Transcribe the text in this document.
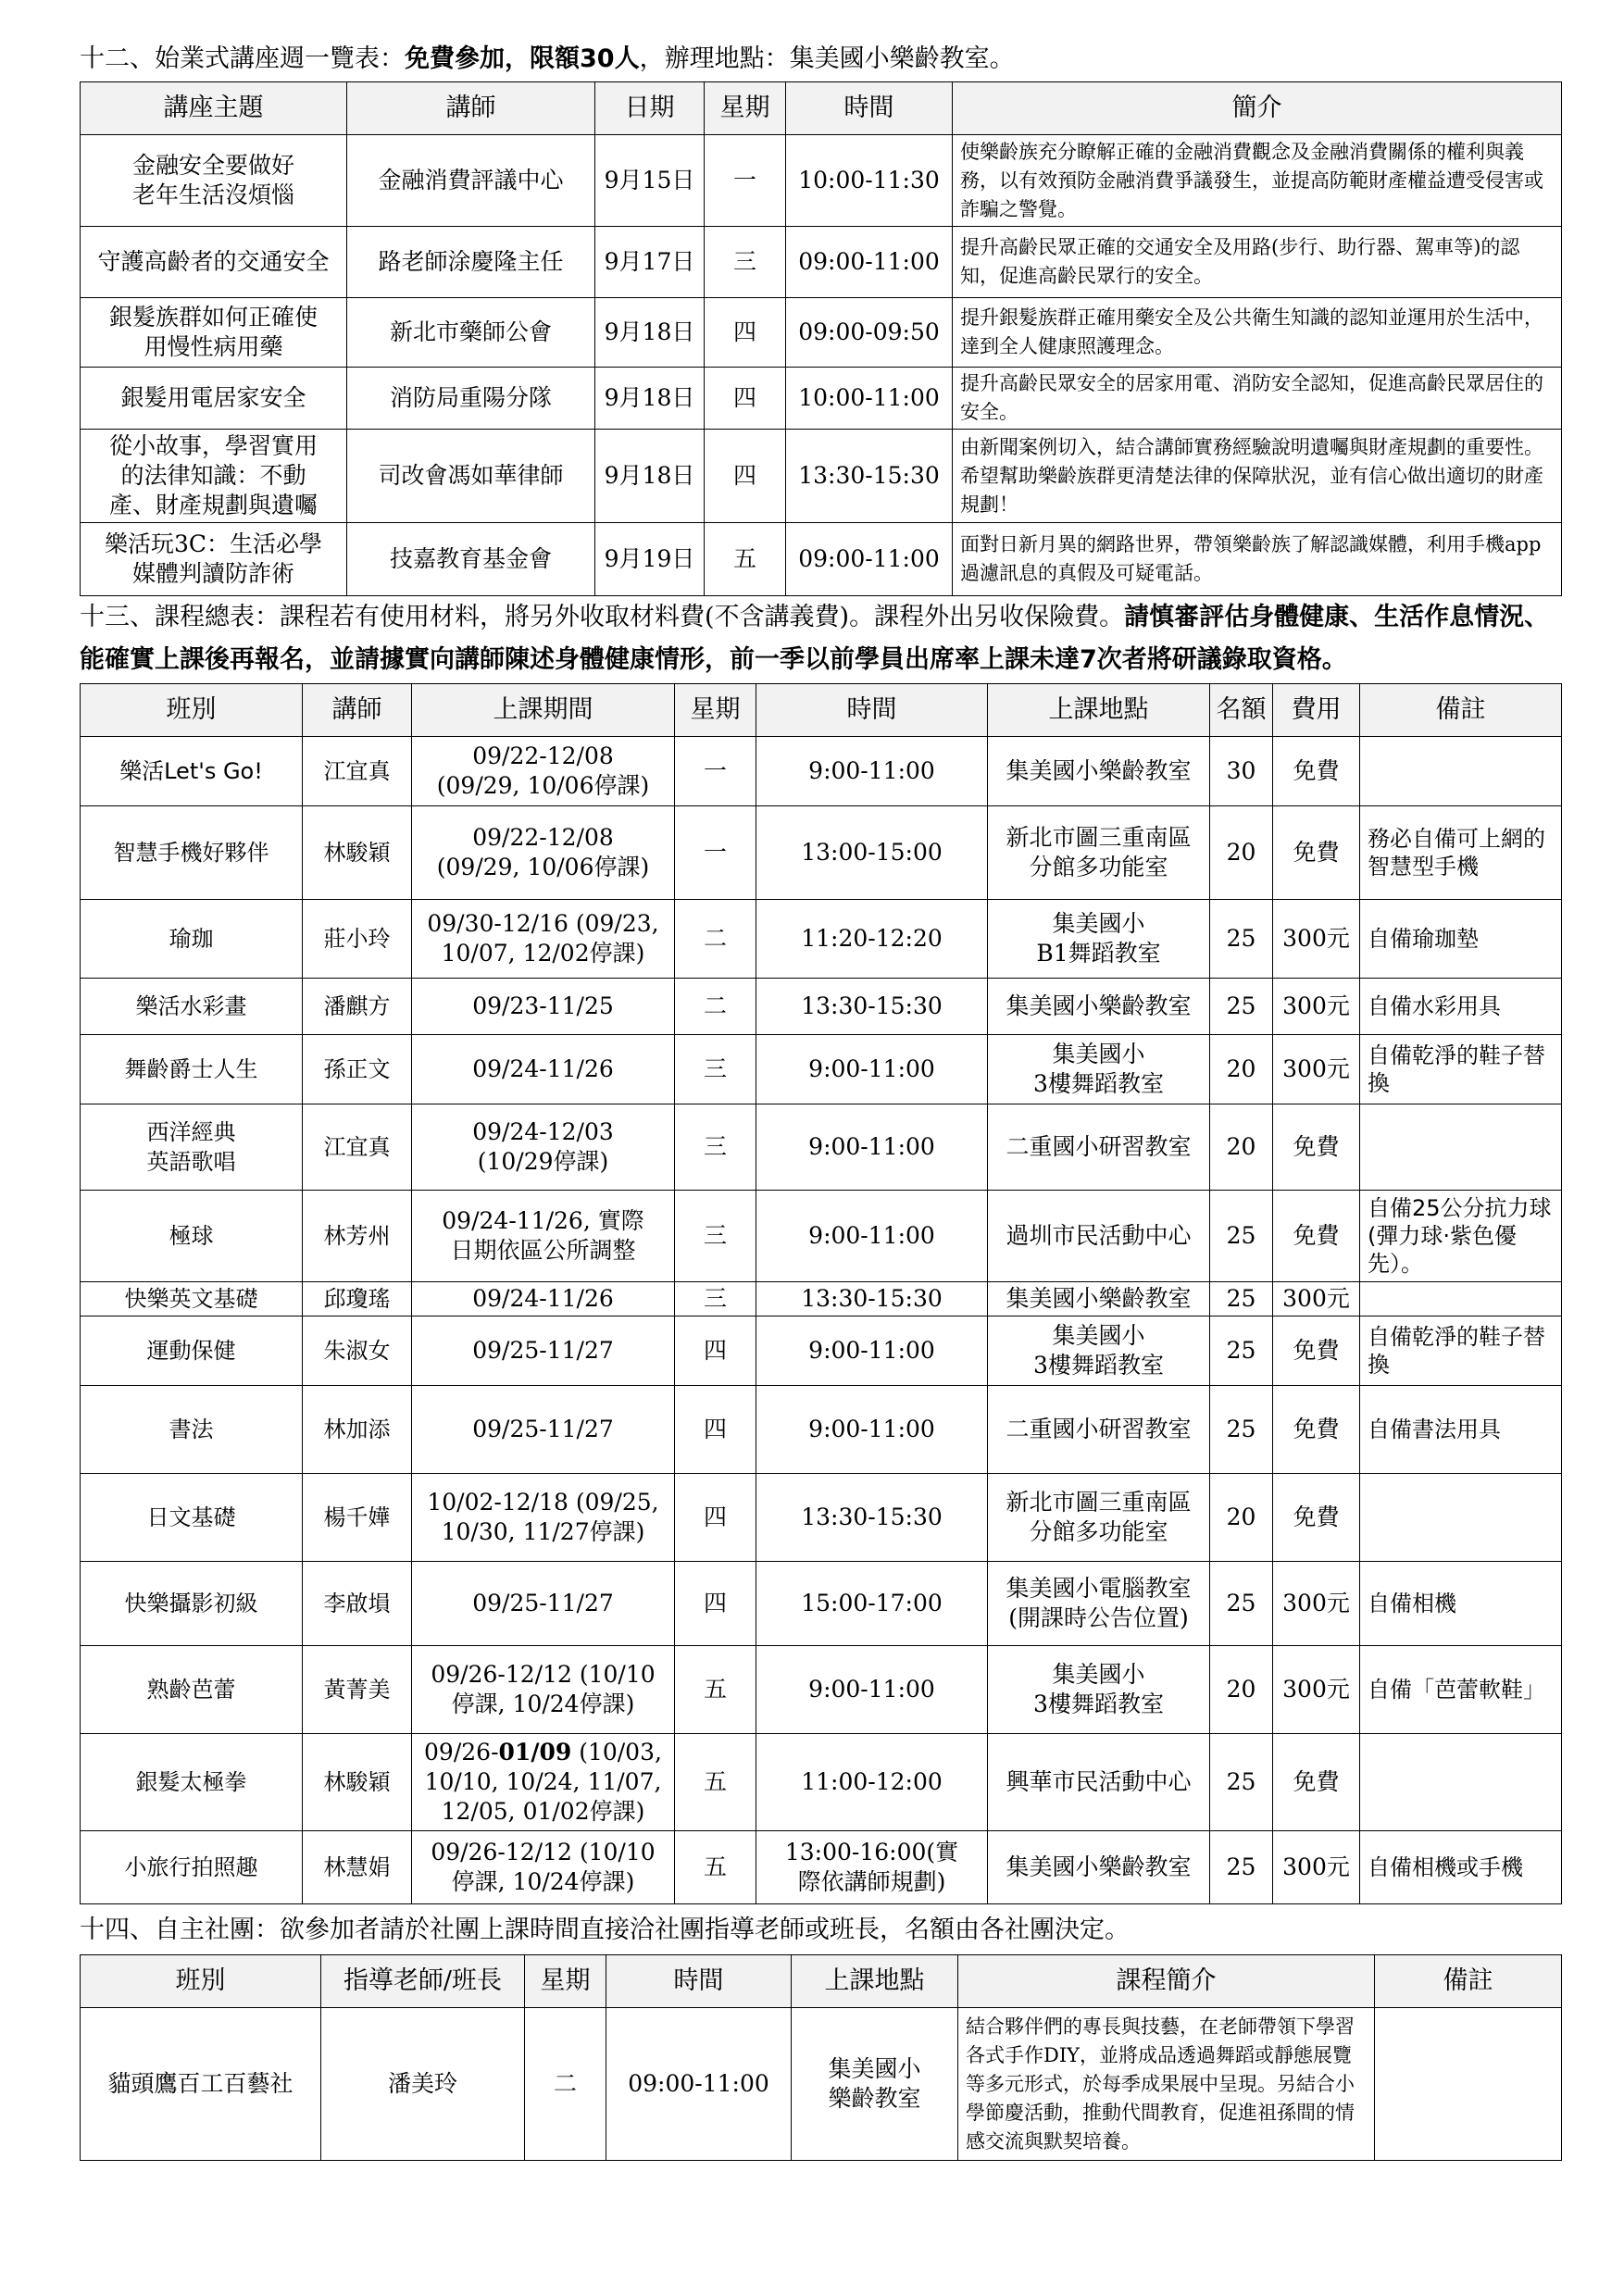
十二、始業式講座週一覽表：免費參加，限額30人，辦理地點：集美國小樂齡教室。
講座主題	講師	日期	星期	時間	簡介
金融安全要做好
老年生活沒煩惱	金融消費評議中心	9月15日	一	10:00-11:30	使樂齡族充分瞭解正確的金融消費觀念及金融消費關係的權利與義務，以有效預防金融消費爭議發生，並提高防範財產權益遭受侵害或詐騙之警覺。
守護高齡者的交通安全	路老師涂慶隆主任	9月17日	三	09:00-11:00	提升高齡民眾正確的交通安全及用路(步行、助行器、駕車等)的認知，促進高齡民眾行的安全。
銀髮族群如何正確使
用慢性病用藥	新北市藥師公會	9月18日	四	09:00-09:50	提升銀髮族群正確用藥安全及公共衛生知識的認知並運用於生活中，達到全人健康照護理念。
銀髮用電居家安全	消防局重陽分隊	9月18日	四	10:00-11:00	提升高齡民眾安全的居家用電、消防安全認知，促進高齡民眾居住的安全。
從小故事，學習實用
的法律知識：不動
產、財產規劃與遺囑	司改會馮如華律師	9月18日	四	13:30-15:30	由新聞案例切入，結合講師實務經驗說明遺囑與財產規劃的重要性。希望幫助樂齡族群更清楚法律的保障狀況，並有信心做出適切的財產規劃！
樂活玩3C：生活必學
媒體判讀防詐術	技嘉教育基金會	9月19日	五	09:00-11:00	面對日新月異的網路世界，帶領樂齡族了解認識媒體，利用手機app過濾訊息的真假及可疑電話。
十三、課程總表：課程若有使用材料，將另外收取材料費(不含講義費)。課程外出另收保險費。請慎審評估身體健康、生活作息情況、能確實上課後再報名，並請據實向講師陳述身體健康情形，前一季以前學員出席率上課未達7次者將研議錄取資格。
班別	講師	上課期間	星期	時間	上課地點	名額	費用	備註
樂活Let's Go!	江宜真	09/22-12/08
(09/29, 10/06停課)	一	9:00-11:00	集美國小樂齡教室	30	免費	
智慧手機好夥伴	林駿穎	09/22-12/08
(09/29, 10/06停課)	一	13:00-15:00	新北市圖三重南區
分館多功能室	20	免費	務必自備可上網的智慧型手機
瑜珈	莊小玲	09/30-12/16 (09/23,
10/07, 12/02停課)	二	11:20-12:20	集美國小
B1舞蹈教室	25	300元	自備瑜珈墊
樂活水彩畫	潘麒方	09/23-11/25	二	13:30-15:30	集美國小樂齡教室	25	300元	自備水彩用具
舞齡爵士人生	孫正文	09/24-11/26	三	9:00-11:00	集美國小
3樓舞蹈教室	20	300元	自備乾淨的鞋子替換
西洋經典
英語歌唱	江宜真	09/24-12/03
(10/29停課)	三	9:00-11:00	二重國小研習教室	20	免費	
極球	林芳州	09/24-11/26, 實際
日期依區公所調整	三	9:00-11:00	過圳市民活動中心	25	免費	自備25公分抗力球(彈力球·紫色優先）。
快樂英文基礎	邱瓊瑤	09/24-11/26	三	13:30-15:30	集美國小樂齡教室	25	300元	
運動保健	朱淑女	09/25-11/27	四	9:00-11:00	集美國小
3樓舞蹈教室	25	免費	自備乾淨的鞋子替換
書法	林加添	09/25-11/27	四	9:00-11:00	二重國小研習教室	25	免費	自備書法用具
日文基礎	楊千嬅	10/02-12/18 (09/25,
10/30, 11/27停課)	四	13:30-15:30	新北市圖三重南區
分館多功能室	20	免費	
快樂攝影初級	李啟塤	09/25-11/27	四	15:00-17:00	集美國小電腦教室
(開課時公告位置)	25	300元	自備相機
熟齡芭蕾	黃菁美	09/26-12/12 (10/10
停課, 10/24停課)	五	9:00-11:00	集美國小
3樓舞蹈教室	20	300元	自備「芭蕾軟鞋」
銀髮太極拳	林駿穎	09/26-01/09 (10/03,
10/10, 10/24, 11/07,
12/05, 01/02停課)	五	11:00-12:00	興華市民活動中心	25	免費	
小旅行拍照趣	林慧娟	09/26-12/12 (10/10
停課, 10/24停課)	五	13:00-16:00(實
際依講師規劃)	集美國小樂齡教室	25	300元	自備相機或手機
十四、自主社團：欲參加者請於社團上課時間直接洽社團指導老師或班長，名額由各社團決定。
班別	指導老師/班長	星期	時間	上課地點	課程簡介	備註
貓頭鷹百工百藝社	潘美玲	二	09:00-11:00	集美國小
樂齡教室	結合夥伴們的專長與技藝，在老師帶領下學習各式手作DIY，並將成品透過舞蹈或靜態展覽等多元形式，於每季成果展中呈現。另結合小學節慶活動，推動代間教育，促進祖孫間的情感交流與默契培養。	
